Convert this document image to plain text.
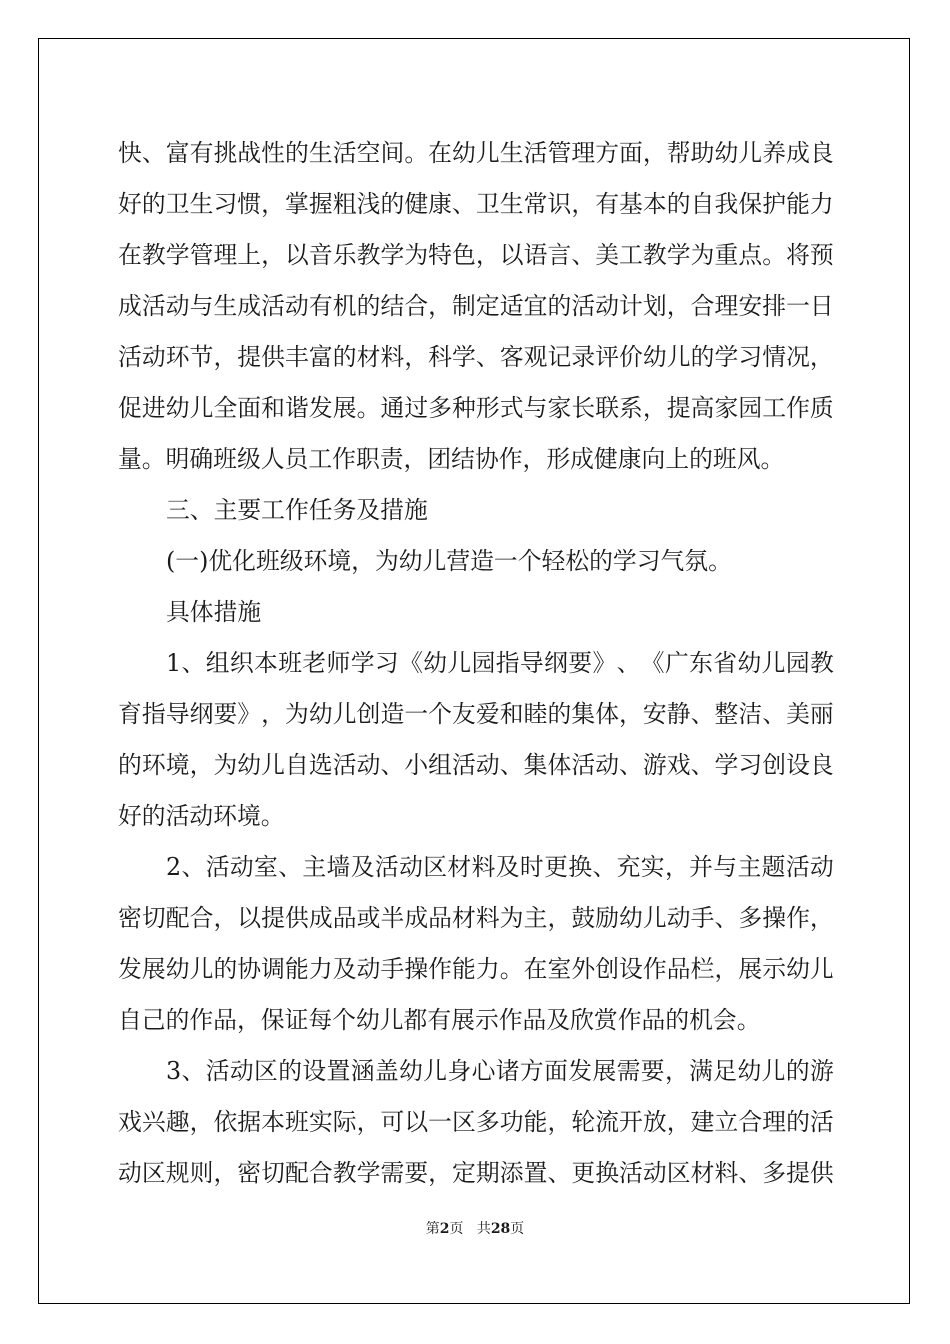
快 、 富 有 挑 战 性 的 生 活 空 间 。 在 幼 儿 生 活 管 理 方 面 ， 帮 助 幼 儿 养 成 良
好 的 卫 生 习 惯 ， 掌 握 粗 浅 的 健 康 、 卫 生 常 识 ， 有 基 本 的 自 我 保 护 能 力
在 教 学 管 理 上 ， 以 音 乐 教 学 为 特 色 ， 以 语 言 、 美 工 教 学 为 重 点 。 将 预
成 活 动 与 生 成 活 动 有 机 的 结 合 ， 制 定 适 宜 的 活 动 计 划 ， 合 理 安 排 一 日
活 动 环 节 ， 提 供 丰 富 的 材 料 ， 科 学 、 客 观 记 录 评 价 幼 儿 的 学 习 情 况 ，
促 进 幼 儿 全 面 和 谐 发 展 。 通 过 多 种 形 式 与 家 长 联 系 ， 提 高 家 园 工 作 质
量。明确班级人员工作职责，团结协作，形成健康向上的班风。
三、主要工作任务及措施
(一)优化班级环境，为幼儿营造一个轻松的学习气氛。
具体措施
1 、 组 织 本 班 老 师 学 习 《 幼 儿 园 指 导 纲 要 》 、 《 广 东 省 幼 儿 园 教
育 指 导 纲 要 》 ， 为 幼 儿 创 造 一 个 友 爱 和 睦 的 集 体 ， 安 静 、 整 洁 、 美 丽
的 环 境 ， 为 幼 儿 自 选 活 动 、 小 组 活 动 、 集 体 活 动 、 游 戏 、 学 习 创 设 良
好的活动环境。
2 、 活 动 室 、 主 墙 及 活 动 区 材 料 及 时 更 换 、 充 实 ， 并 与 主 题 活 动
密 切 配 合 ， 以 提 供 成 品 或 半 成 品 材 料 为 主 ， 鼓 励 幼 儿 动 手 、 多 操 作 ，
发 展 幼 儿 的 协 调 能 力 及 动 手 操 作 能 力 。 在 室 外 创 设 作 品 栏 ， 展 示 幼 儿
自己的作品，保证每个幼儿都有展示作品及欣赏作品的机会。
3 、 活 动 区 的 设 置 涵 盖 幼 儿 身 心 诸 方 面 发 展 需 要 ， 满 足 幼 儿 的 游
戏 兴 趣 ， 依 据 本 班 实 际 ， 可 以 一 区 多 功 能 ， 轮 流 开 放 ， 建 立 合 理 的 活
动 区 规 则 ， 密 切 配 合 教 学 需 要 ， 定 期 添 置 、 更 换 活 动 区 材 料 、 多 提 供
第2页 共28页
